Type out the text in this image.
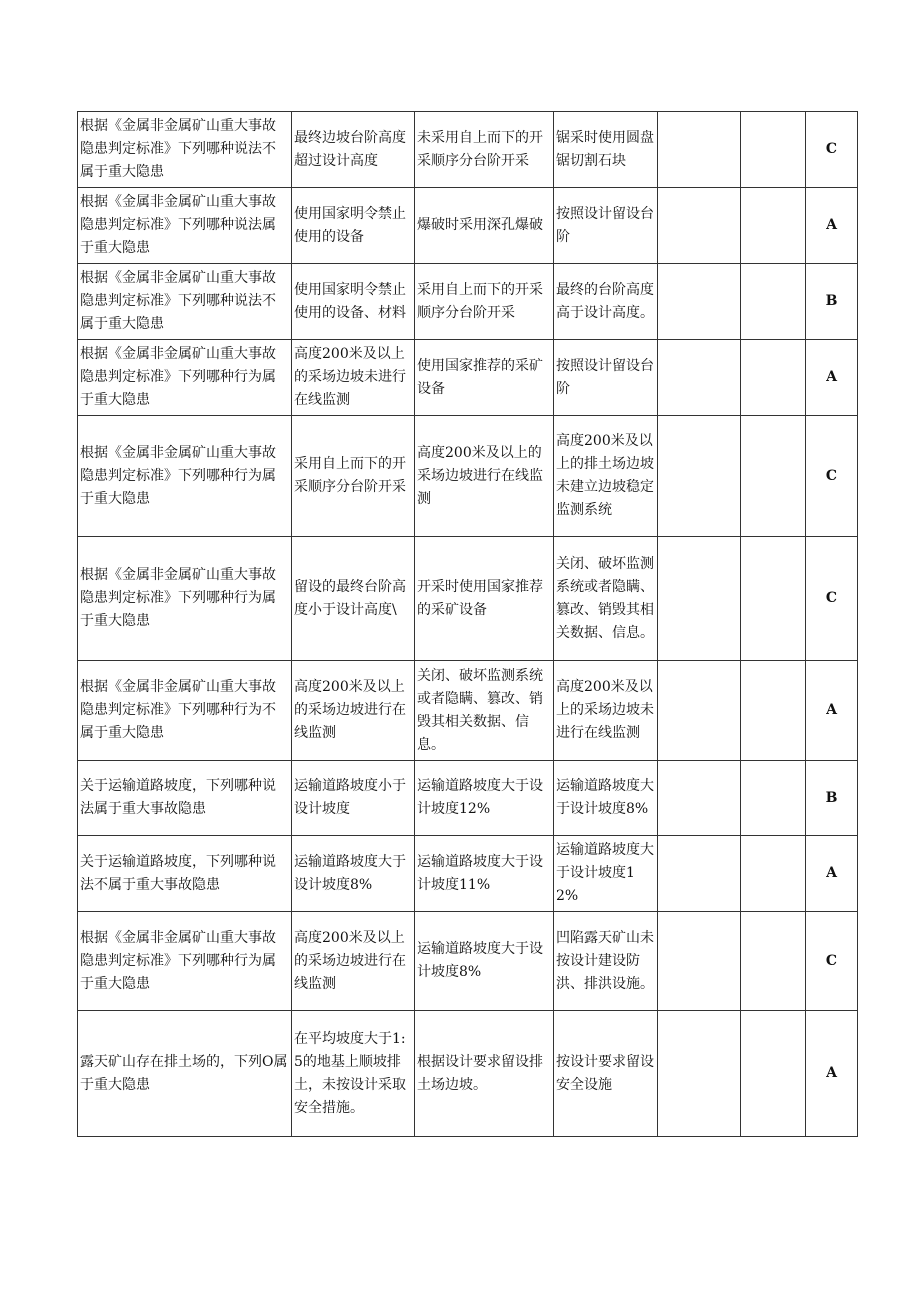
根据《金属非金属矿山重大事故隐患判定标准》下列哪种说法不属于重大隐患	最终边坡台阶高度超过设计高度	未采用自上而下的开采顺序分台阶开采	锯采时使用圆盘锯切割石块			C
根据《金属非金属矿山重大事故隐患判定标准》下列哪种说法属于重大隐患	使用国家明令禁止使用的设备	爆破时采用深孔爆破	按照设计留设台阶			A
根据《金属非金属矿山重大事故隐患判定标准》下列哪种说法不属于重大隐患	使用国家明令禁止使用的设备、材料	采用自上而下的开采顺序分台阶开采	最终的台阶高度高于设计高度。			B
根据《金属非金属矿山重大事故隐患判定标准》下列哪种行为属于重大隐患	高度200米及以上的采场边坡未进行在线监测	使用国家推荐的采矿设备	按照设计留设台阶			A
根据《金属非金属矿山重大事故隐患判定标准》下列哪种行为属于重大隐患	采用自上而下的开采顺序分台阶开采	高度200米及以上的采场边坡进行在线监测	高度200米及以上的排土场边坡未建立边坡稳定监测系统			C
根据《金属非金属矿山重大事故隐患判定标准》下列哪种行为属于重大隐患	留设的最终台阶高度小于设计高度\	开采时使用国家推荐的采矿设备	关闭、破坏监测系统或者隐瞒、篡改、销毁其相关数据、信息。			C
根据《金属非金属矿山重大事故隐患判定标准》下列哪种行为不属于重大隐患	高度200米及以上的采场边坡进行在线监测	关闭、破坏监测系统或者隐瞒、篡改、销毁其相关数据、信息。	高度200米及以上的采场边坡未进行在线监测			A
关于运输道路坡度，下列哪种说法属于重大事故隐患	运输道路坡度小于设计坡度	运输道路坡度大于设计坡度12%	运输道路坡度大于设计坡度8%			B
关于运输道路坡度，下列哪种说法不属于重大事故隐患	运输道路坡度大于设计坡度8%	运输道路坡度大于设计坡度11%	运输道路坡度大于设计坡度12%			A
根据《金属非金属矿山重大事故隐患判定标准》下列哪种行为属于重大隐患	高度200米及以上的采场边坡进行在线监测	运输道路坡度大于设计坡度8%	凹陷露天矿山未按设计建设防洪、排洪设施。			C
露天矿山存在排土场的，下列O属于重大隐患	在平均坡度大于1:5的地基上顺坡排土，未按设计采取安全措施。	根据设计要求留设排土场边坡。	按设计要求留设安全设施			A
